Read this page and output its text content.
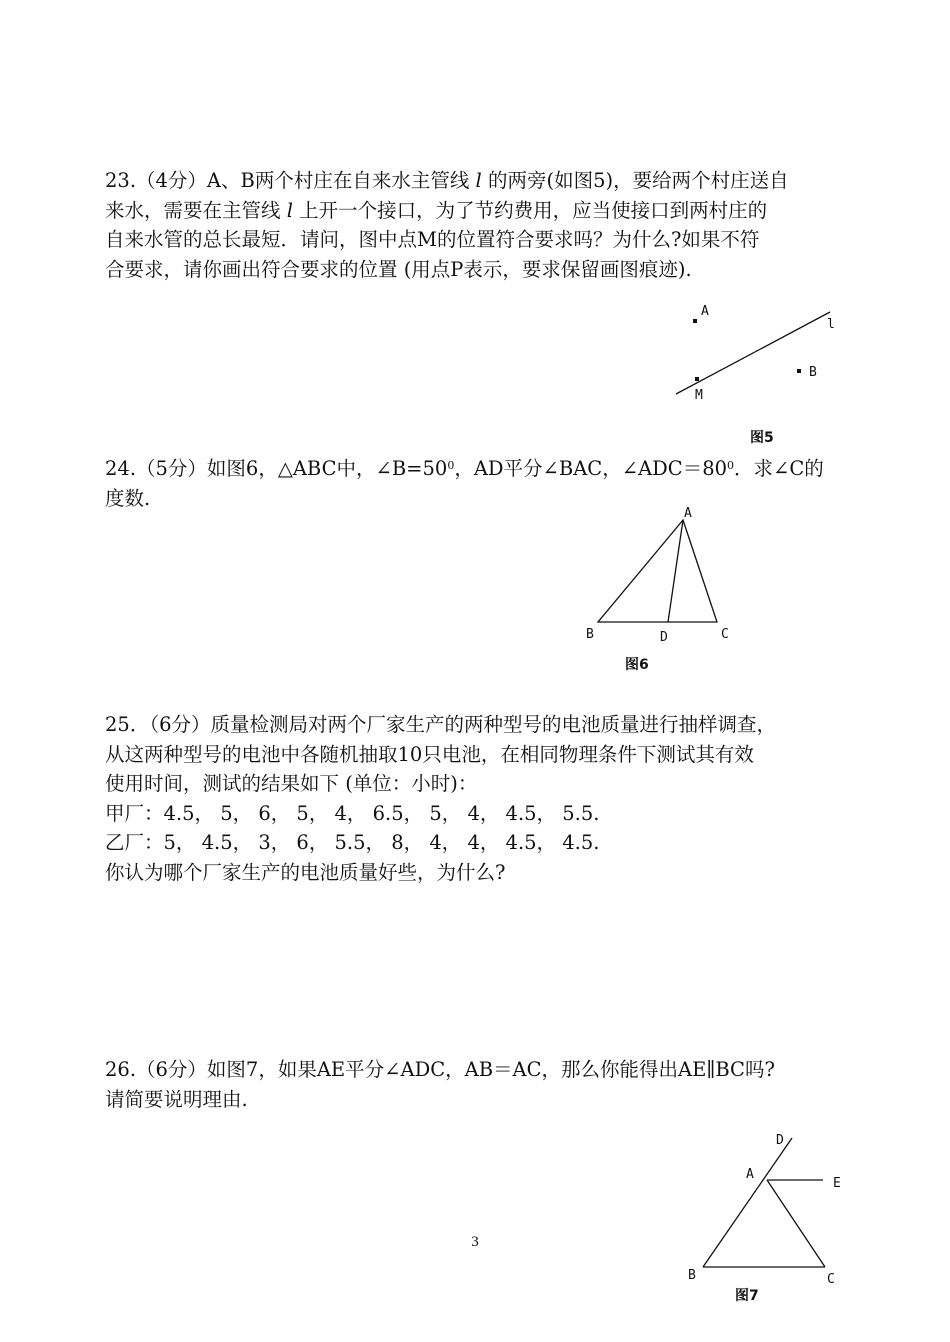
23.（4分）A、B两个村庄在自来水主管线 l 的两旁(如图5)，要给两个村庄送自
来水，需要在主管线 l 上开一个接口，为了节约费用，应当使接口到两村庄的
自来水管的总长最短．请问，图中点M的位置符合要求吗？为什么?如果不符
合要求，请你画出符合要求的位置 (用点P表示，要求保留画图痕迹).
A
B
M
l
图5
24.（5分）如图6，△ABC中，$\angle B=50^0$，AD平分∠BAC，$\angle ADC=80^0$．求∠C的
度数.
A
B	C
D
图6
25．（6分）质量检测局对两个厂家生产的两种型号的电池质量进行抽样调查，
从这两种型号的电池中各随机抽取10只电池，在相同物理条件下测试其有效
使用时间，测试的结果如下 (单位：小时)：
甲厂：4.5， 5， 6， 5， 4， 6.5， 5， 4， 4.5， 5.5.
乙厂：5， 4.5， 3， 6， 5.5， 8， 4， 4， 4.5， 4.5.
你认为哪个厂家生产的电池质量好些，为什么?
26.（6分）如图7，如果AE平分∠ADC，AB＝AC，那么你能得出AE∥BC吗?
请简要说明理由.
D
A
E
B	C
图7
3
